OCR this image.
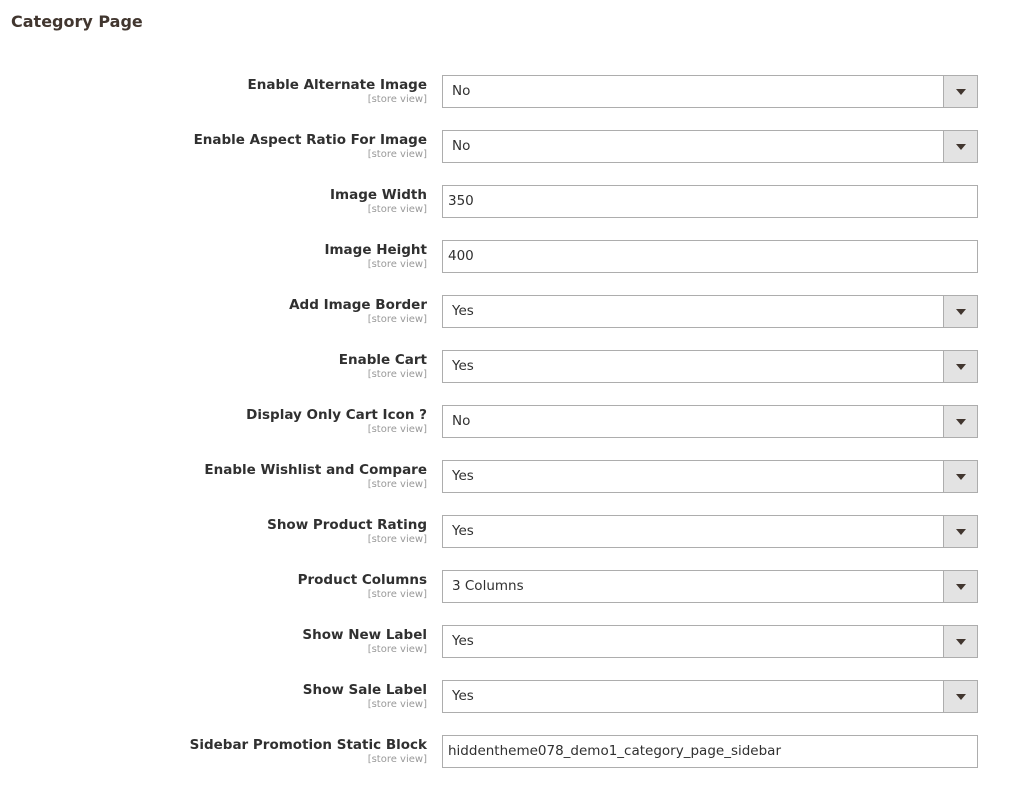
Category Page
Enable Alternate Image
[store view]
No
Enable Aspect Ratio For Image
[store view]
No
Image Width
[store view]
350
Image Height
[store view]
400
Add Image Border
[store view]
Yes
Enable Cart
[store view]
Yes
Display Only Cart Icon ?
[store view]
No
Enable Wishlist and Compare
[store view]
Yes
Show Product Rating
[store view]
Yes
Product Columns
[store view]
3 Columns
Show New Label
[store view]
Yes
Show Sale Label
[store view]
Yes
Sidebar Promotion Static Block
[store view]
hiddentheme078_demo1_category_page_sidebar
